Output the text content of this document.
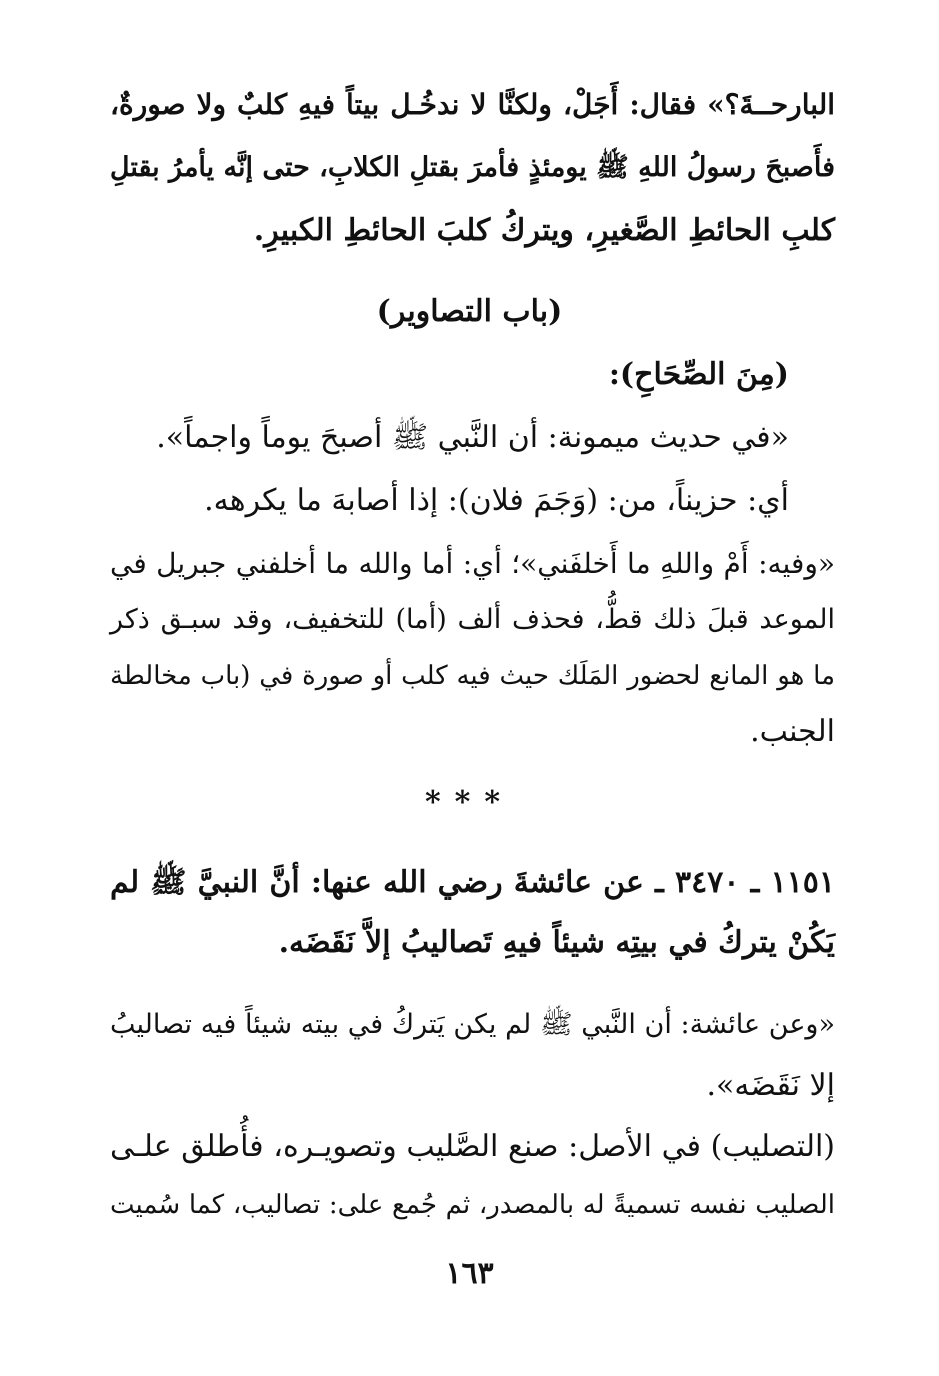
البارحــةَ؟» فقال: أَجَلْ، ولكنَّا لا ندخُـل بيتاً فيهِ كلبٌ ولا صورةٌ،
فأَصبحَ رسولُ اللهِ ﷺ يومئذٍ فأمرَ بقتلِ الكلابِ، حتى إنَّه يأمرُ بقتلِ
كلبِ الحائطِ الصَّغيرِ، ويتركُ كلبَ الحائطِ الكبيرِ.
(باب التصاوير)
(مِنَ الصِّحَاحِ):
«في حديث ميمونة: أن النَّبي ﷺ أصبحَ يوماً واجماً».
أي: حزيناً، من: (وَجَمَ فلان): إذا أصابهَ ما يكرهه.
«وفيه: أَمْ واللهِ ما أَخلفَني»؛ أي: أما والله ما أخلفني جبريل في
الموعد قبلَ ذلك قطُّ، فحذف ألف (أما) للتخفيف، وقد سبـق ذكر
ما هو المانع لحضور المَلَك حيث فيه كلب أو صورة في (باب مخالطة
الجنب.
***
١١٥١ ـ ٣٤٧٠ ـ عن عائشةَ رضي الله عنها: أنَّ النبيَّ ﷺ لم
يَكُنْ يتركُ في بيتِه شيئاً فيهِ تَصاليبُ إلاَّ نَقَضَه.
«وعن عائشة: أن النَّبي ﷺ لم يكن يَتركُ في بيته شيئاً فيه تصاليبُ
إلا نَقَضَه».
(التصليب) في الأصل: صنع الصَّليب وتصويـره، فأُطلق علـى
الصليب نفسه تسميةً له بالمصدر، ثم جُمع على: تصاليب، كما سُميت
١٦٣
